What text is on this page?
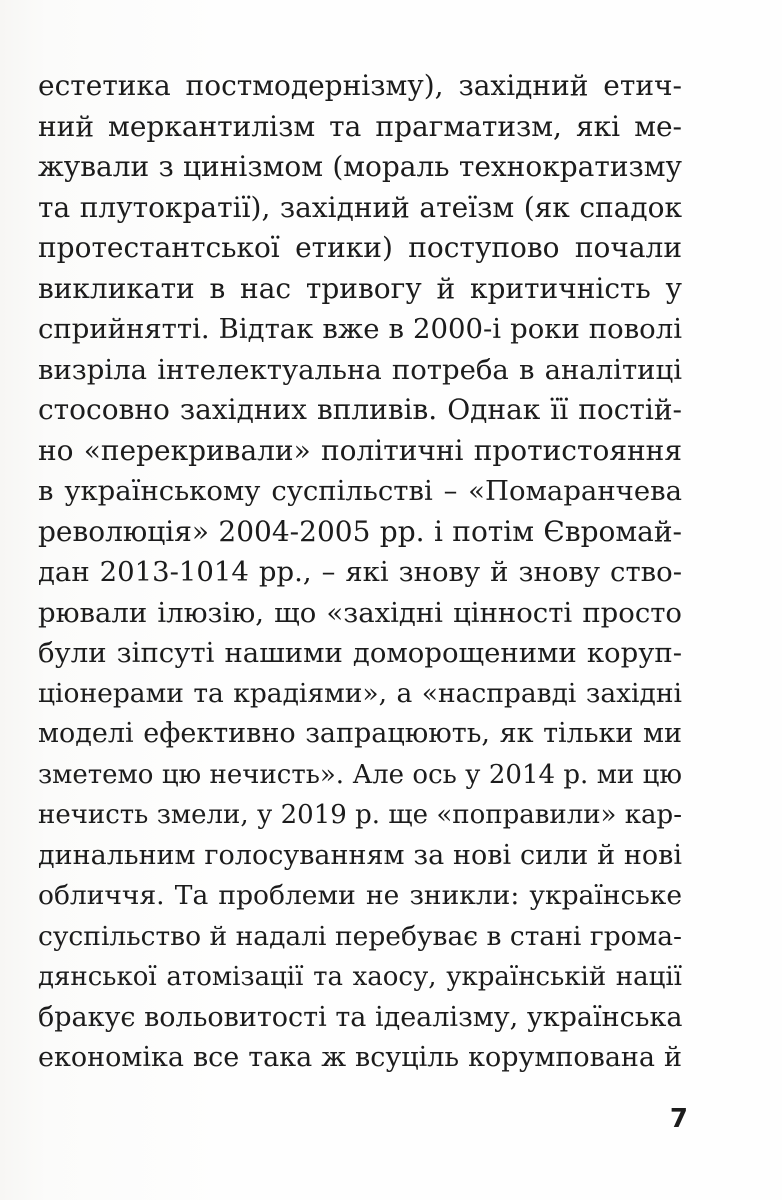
естетика постмодернізму), західний етич-
ний меркантилізм та прагматизм, які ме-
жували з цинізмом (мораль технократизму
та плутократії), західний атеїзм (як спадок
протестантської етики) поступово почали
викликати в нас тривогу й критичність у
сприйнятті. Відтак вже в 2000-і роки поволі
визріла інтелектуальна потреба в аналітиці
стосовно західних впливів. Однак її постій-
но «перекривали» політичні протистояння
в українському суспільстві – «Помаранчева
революція» 2004-2005 рр. і потім Євромай-
дан 2013-1014 рр., – які знову й знову ство-
рювали ілюзію, що «західні цінності просто
були зіпсуті нашими доморощеними коруп-
ціонерами та крадіями», а «насправді західні
моделі ефективно запрацюють, як тільки ми
зметемо цю нечисть». Але ось у 2014 р. ми цю
нечисть змели, у 2019 р. ще «поправили» кар-
динальним голосуванням за нові сили й нові
обличчя. Та проблеми не зникли: українське
суспільство й надалі перебуває в стані грома-
дянської атомізації та хаосу, українській нації
бракує вольовитості та ідеалізму, українська
економіка все така ж всуціль корумпована й
7
